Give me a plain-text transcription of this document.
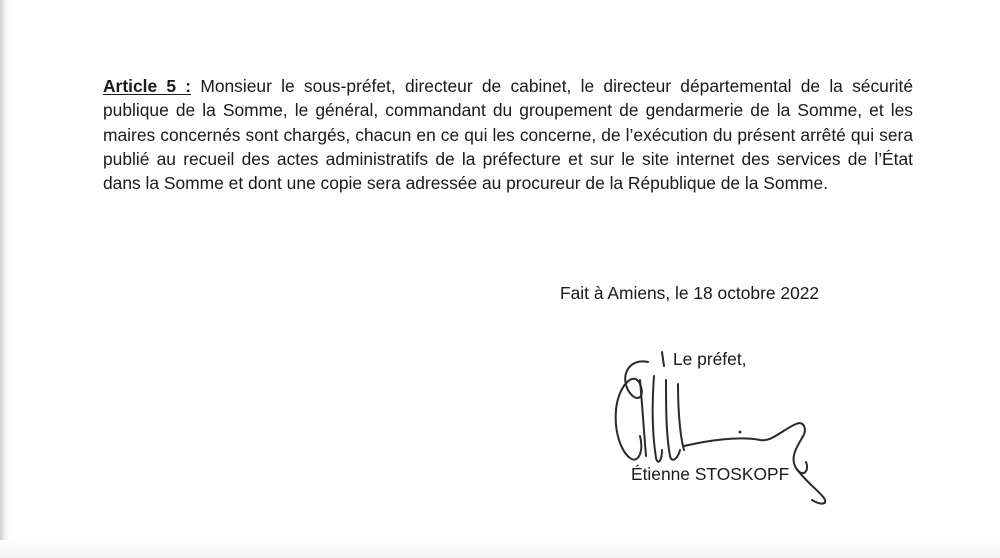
Article 5 : Monsieur le sous-préfet, directeur de cabinet, le directeur départemental de la sécurité publique de la Somme, le général, commandant du groupement de gendarmerie de la Somme, et les maires concernés sont chargés, chacun en ce qui les concerne, de l’exécution du présent arrêté qui sera publié au recueil des actes administratifs de la préfecture et sur le site internet des services de l’État dans la Somme et dont une copie sera adressée au procureur de la République de la Somme.

Fait à Amiens, le 18 octobre 2022
Le préfet,
Étienne STOSKOPF
